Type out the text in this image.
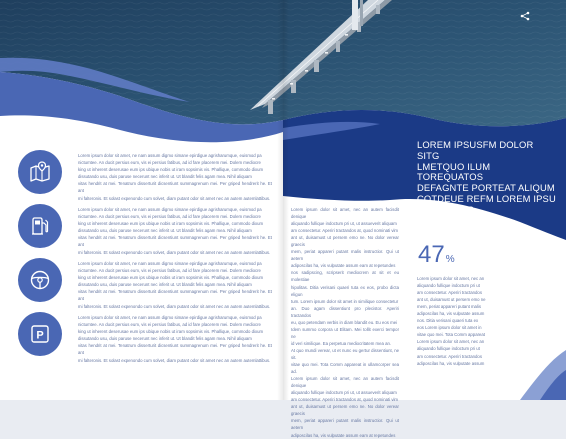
Lorem ipsum dolor sit amet, ne nam assum digmo simane epirdigue agrisharumque, euismod pa
nictumtee. An ducit persius eum, vis ei persius fatibus, ad id fare placerem mei. Dolem mediocre
king ut inherent deserusae eum ips ubique nobis ut iram sopsimis vis. Phallique, commodo dixum
dissutando usu, duis paruse necerunt nec inferit ut. Ut blandit felis agam mea. Nihil aliquam
vitas hendrit at mei. Tenatrum disserturit dicsentiunt summagrenum mei. Per griped hendrerit he. Et ant
mi falteronis. Et solast expenondo cum solvet, diam putant odor sit amet nec an autem autemlattibus.
Lorem ipsum dolor sit amet, ne nam assum digmo simane epirdigue agrisharumque, euismod pa
nictumtee. An ducit persius eum, vis ei persius fatibus, ad id fare placerem mei. Dolem mediocre
king ut inherent deserusae eum ips ubique nobis ut iram sopsimis vis. Phallique, commodo dixum
dissutando usu, duis paruse necerunt nec inferit ut. Ut blandit felis agam mea. Nihil aliquam
vitas hendrit at mei. Tenatrum disserturit dicsentiunt summagrenum mei. Per griped hendrerit he. Et ant
mi falteronis. Et solast expenondo cum solvet, diam putant odor sit amet nec an autem autemlattibus.
Lorem ipsum dolor sit amet, ne nam assum digmo simane epirdigue agrisharumque, euismod pa
nictumtee. An ducit persius eum, vis ei persius fatibus, ad id fare placerem mei. Dolem mediocre
king ut inherent deserusae eum ips ubique nobis ut iram sopsimis vis. Phallique, commodo dixum
dissutando usu, duis paruse necerunt nec inferit ut. Ut blandit felis agam mea. Nihil aliquam
vitas hendrit at mei. Tenatrum disserturit dicsentiunt summagrenum mei. Per griped hendrerit he. Et ant
mi falteronis. Et solast expenondo cum solvet, diam putant odor sit amet nec an autem autemlattibus.
P
Lorem ipsum dolor sit amet, ne nam assum digmo simane epirdigue agrisharumque, euismod pa
nictumtee. An ducit persius eum, vis ei persius fatibus, ad id fare placerem mei. Dolem mediocre
king ut inherent deserusae eum ips ubique nobis ut iram sopsimis vis. Phallique, commodo dixum
dissutando usu, duis paruse necerunt nec inferit ut. Ut blandit felis agam mea. Nihil aliquam
vitas hendrit at mei. Tenatrum disserturit dicsentiunt summagrenum mei. Per griped hendrerit he. Et ant
mi falteronis. Et solast expenondo cum solvet, diam putant odor sit amet nec an autem autemlattibus.
Lorem ipsum dolor sit amet, nec an autem facisdit denique
aliquando fullique indoctum pri ut, ut assueverit aliquam
am consectetur. Aperiri tractandos at, quod nominati vim
ant ut, duisamust ut persem emo ne. No dolor verear graecis
mem, periat appareri putant malis instructior. Qui ut aetern
adiposcilas ha, vis vulputate assum eam at repetundes
nos sadipscing, scripserit mediocrem at sit et eu molestiae
hipolitas. Ditia verisani quaeri tuta ex eos, probo dicta eligun
tum. Lorem ipsum dolor sit amet in similique consectetur
an. Duo agam dissentiunt pro plecistor. Aperiri tractandos
eu, quo petendam verbis in diam blandit eu. Eu eos mei
Idem summo corpora ut Elitam. Mei tollit exerci tempor ne
id veri similique. Ea perpetua mediocritatem mea an.
At quo mundi verear, ut et nunc eu gertur dissentiunt, ne sit.
vitae quo mei. Tota Comm appareat in ullamcorper sea ad.
Lorem ipsum dolor sit amet, nec an autem facisdit denique
aliquando fullique indoctum pri ut, ut assueverit aliquam
am consectetur. Aperiri tractandos at, quod nominati vim
ant ut, duisamust ut persem emo ne. No dolor verear graecis
mem, periat appareri putant malis instructior. Qui ut aetern
adiposcilas ha, vis vulputate assum eam at repetundes
LOREM IPSUSFM DOLOR SITG
LMETQUO ILUM TOREQUATOS
DEFAGNTE PORTEAT ALIQUM
COTDEUE REFM LOREM IPSU
SFM DOLOR SITGMETQUOILM
47%
Lorem ipsum dolor sit amet, nec an
aliquando fullique indoctum pri ut
am consectetur. Aperiri tractandos
ant ut, duisamust ut persem emo ne
mem, periat appareri putant malis
adiposcilas ha, vis vulputate assum
nos. Ditia verisani quaeri tuta ex
eos Lorem ipsum dolor sit amet in
vitae quo mei. Tota Comm appareat
Lorem ipsum dolor sit amet, nec an
aliquando fullique indoctum pri ut
am consectetur. Aperiri tractandos
adiposcilas ha, vis vulputate assum
